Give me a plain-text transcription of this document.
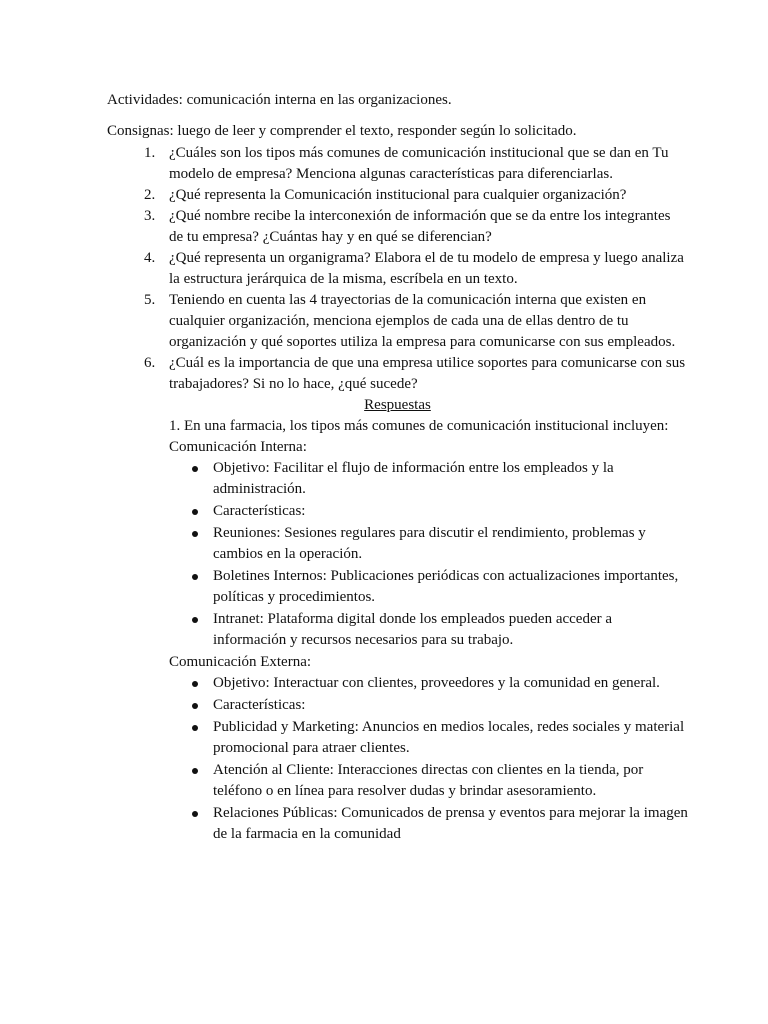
Actividades: comunicación interna en las organizaciones.

Consignas: luego de leer y comprender el texto, responder según lo solicitado.

1. ¿Cuáles son los tipos más comunes de comunicación institucional que se dan en Tu modelo de empresa? Menciona algunas características para diferenciarlas.
2. ¿Qué representa la Comunicación institucional para cualquier organización?
3. ¿Qué nombre recibe la interconexión de información que se da entre los integrantes de tu empresa? ¿Cuántas hay y en qué se diferencian?
4. ¿Qué representa un organigrama? Elabora el de tu modelo de empresa y luego analiza la estructura jerárquica de la misma, escríbela en un texto.
5. Teniendo en cuenta las 4 trayectorias de la comunicación interna que existen en cualquier organización, menciona ejemplos de cada una de ellas dentro de tu organización y qué soportes utiliza la empresa para comunicarse con sus empleados.
6. ¿Cuál es la importancia de que una empresa utilice soportes para comunicarse con sus trabajadores? Si no lo hace, ¿qué sucede?

Respuestas

1. En una farmacia, los tipos más comunes de comunicación institucional incluyen:

Comunicación Interna:

Objetivo: Facilitar el flujo de información entre los empleados y la administración.
Características:
Reuniones: Sesiones regulares para discutir el rendimiento, problemas y cambios en la operación.
Boletines Internos: Publicaciones periódicas con actualizaciones importantes, políticas y procedimientos.
Intranet: Plataforma digital donde los empleados pueden acceder a información y recursos necesarios para su trabajo.

Comunicación Externa:

Objetivo: Interactuar con clientes, proveedores y la comunidad en general.
Características:
Publicidad y Marketing: Anuncios en medios locales, redes sociales y material promocional para atraer clientes.
Atención al Cliente: Interacciones directas con clientes en la tienda, por teléfono o en línea para resolver dudas y brindar asesoramiento.
Relaciones Públicas: Comunicados de prensa y eventos para mejorar la imagen de la farmacia en la comunidad
